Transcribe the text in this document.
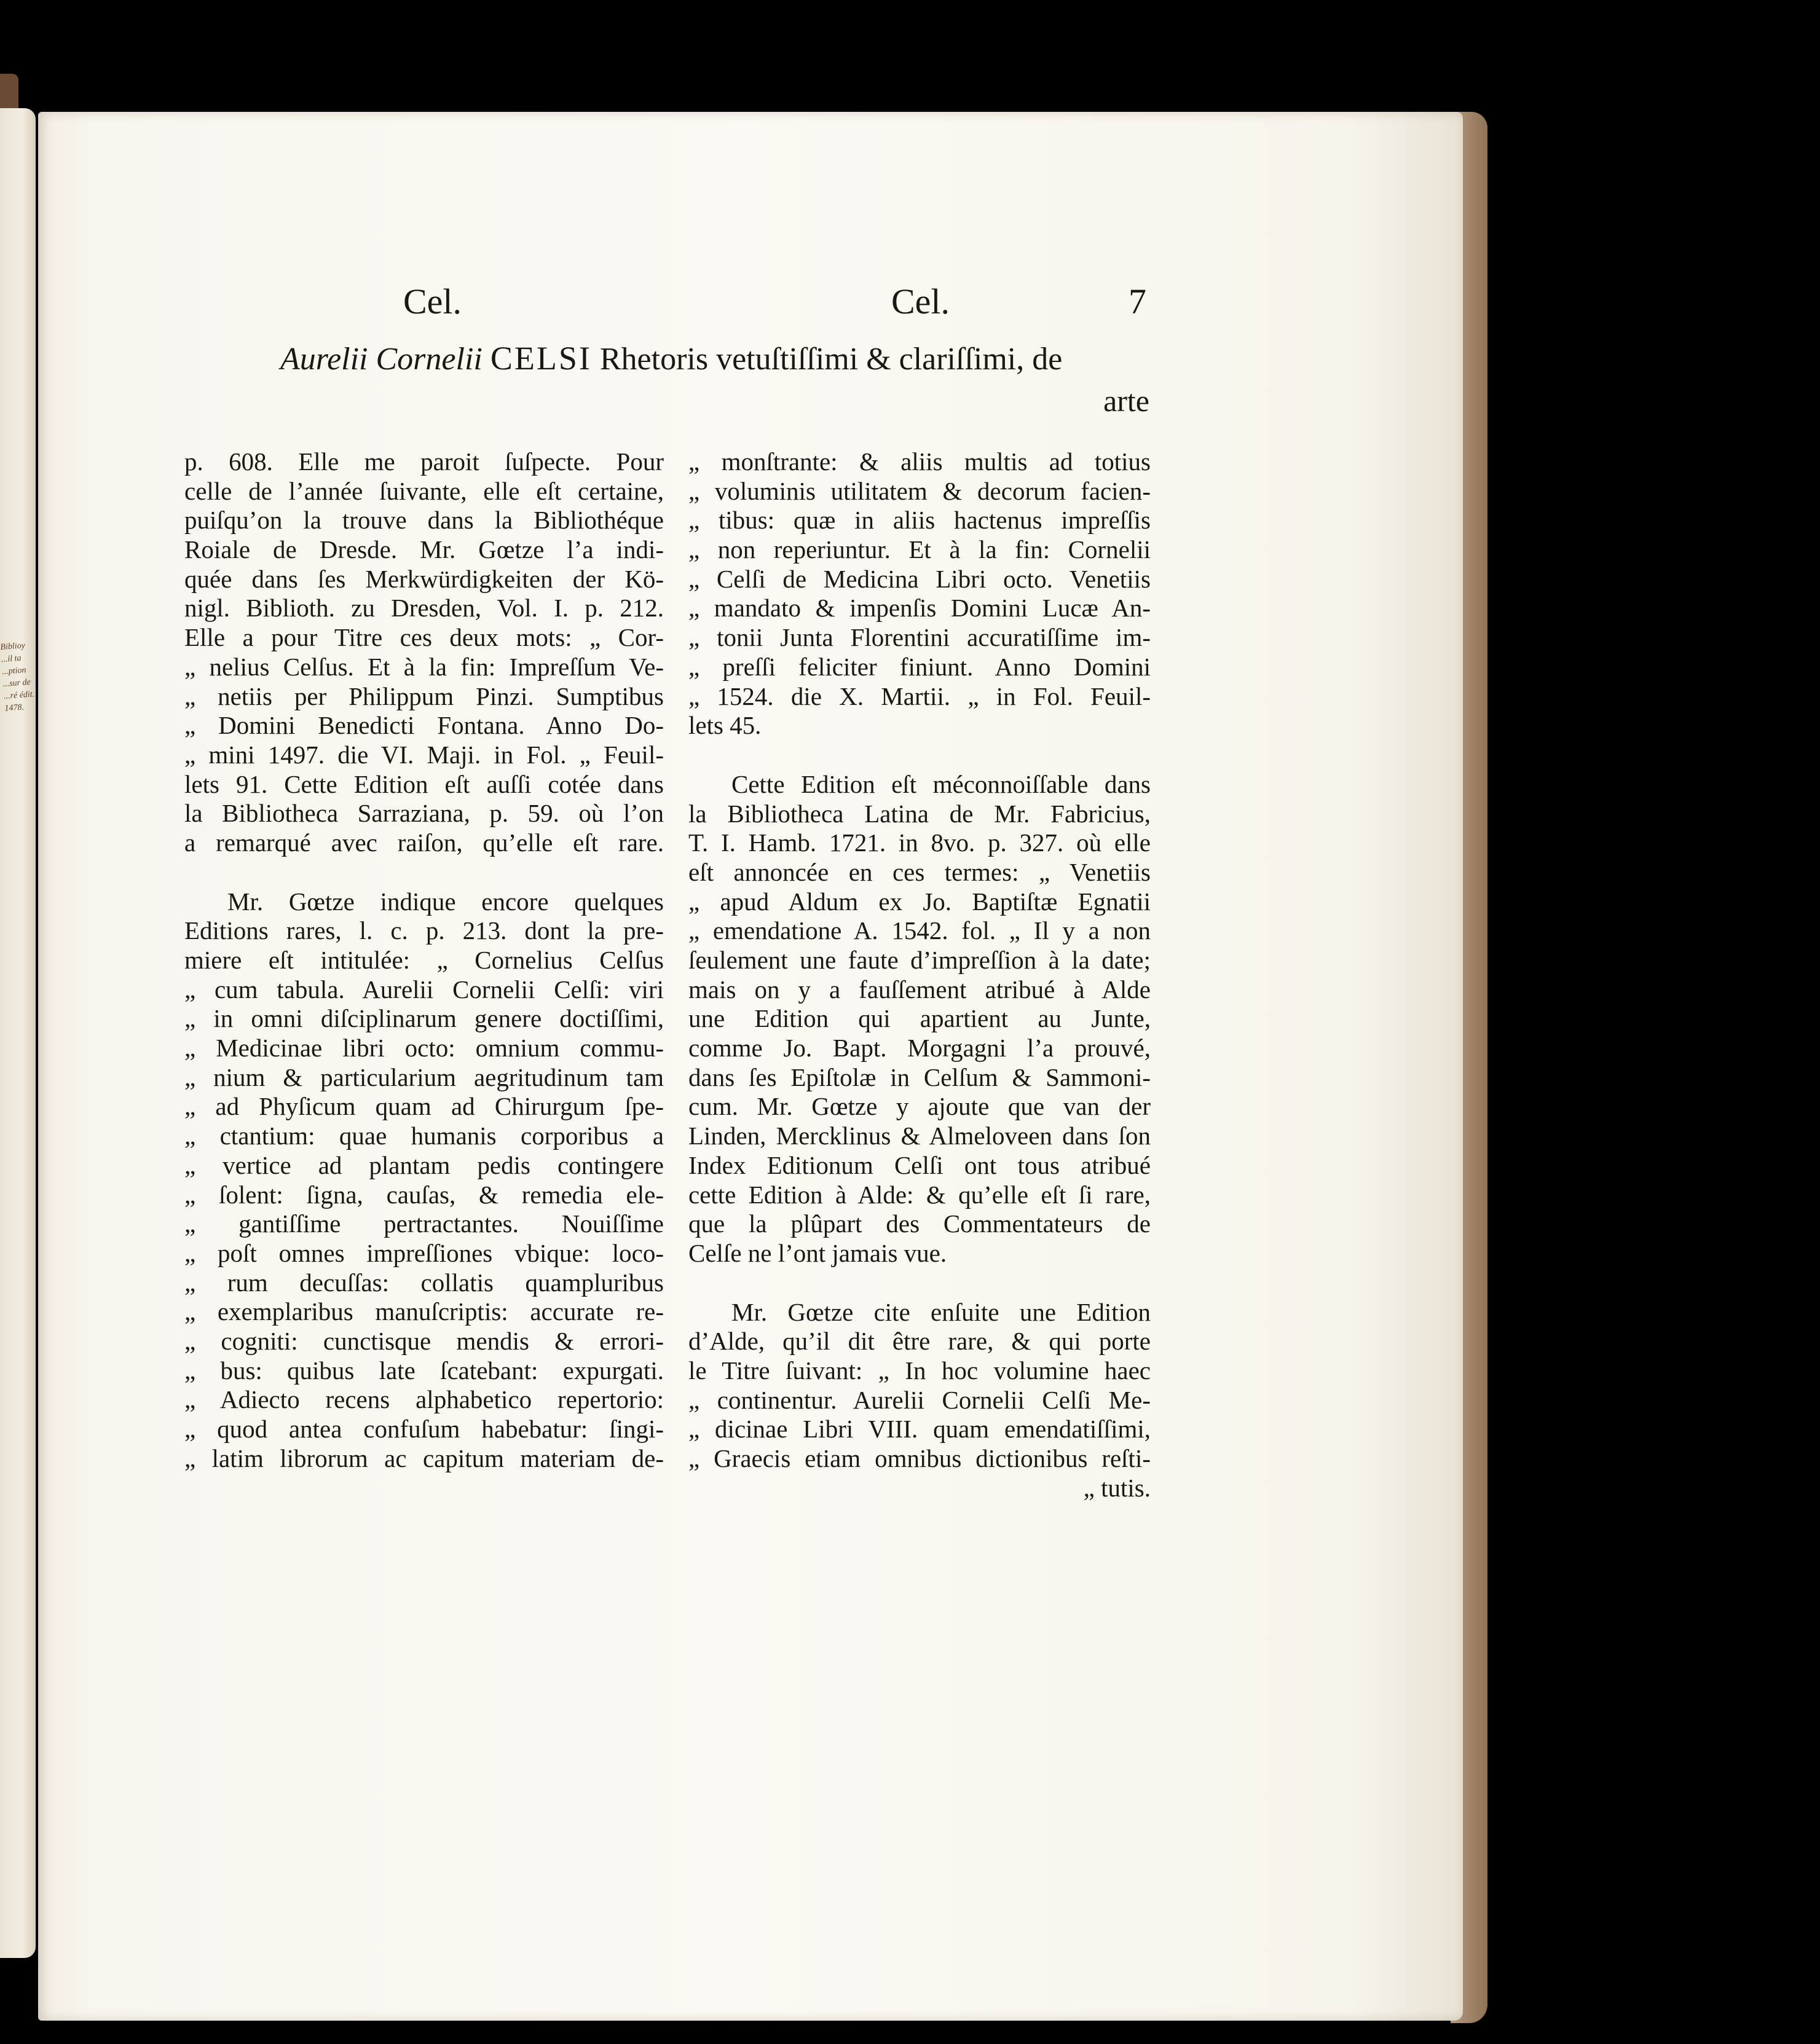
Biblioy
...il ta
...ption
...sur de
...ré édit.
1478.
Cel.	Cel.	7
Aurelii Cornelii CELSI Rhetoris vetuſtiſſimi & clariſſimi, de
arte
p. 608. Elle me paroit ſuſpecte. Pour
celle de l’année ſuivante, elle eſt certaine,
puiſqu’on la trouve dans la Bibliothéque
Roiale de Dresde. Mr. Gœtze l’a indi-
quée dans ſes Merkwürdigkeiten der Kö-
nigl. Biblioth. zu Dresden, Vol. I. p. 212.
Elle a pour Titre ces deux mots: „ Cor-
„ nelius Celſus. Et à la fin: Impreſſum Ve-
„ netiis per Philippum Pinzi. Sumptibus
„ Domini Benedicti Fontana. Anno Do-
„ mini 1497. die VI. Maji. in Fol. „ Feuil-
lets 91. Cette Edition eſt auſſi cotée dans
la Bibliotheca Sarraziana, p. 59. où l’on
a remarqué avec raiſon, qu’elle eſt rare.
Mr. Gœtze indique encore quelques
Editions rares, l. c. p. 213. dont la pre-
miere eſt intitulée: „ Cornelius Celſus
„ cum tabula. Aurelii Cornelii Celſi: viri
„ in omni diſciplinarum genere doctiſſimi,
„ Medicinae libri octo: omnium commu-
„ nium & particularium aegritudinum tam
„ ad Phyſicum quam ad Chirurgum ſpe-
„ ctantium: quae humanis corporibus a
„ vertice ad plantam pedis contingere
„ ſolent: ſigna, cauſas, & remedia ele-
„ gantiſſime pertractantes. Nouiſſime
„ poſt omnes impreſſiones vbique: loco-
„ rum decuſſas: collatis quampluribus
„ exemplaribus manuſcriptis: accurate re-
„ cogniti: cunctisque mendis & errori-
„ bus: quibus late ſcatebant: expurgati.
„ Adiecto recens alphabetico repertorio:
„ quod antea confuſum habebatur: ſingi-
„ latim librorum ac capitum materiam de-
„ monſtrante: & aliis multis ad totius
„ voluminis utilitatem & decorum facien-
„ tibus: quæ in aliis hactenus impreſſis
„ non reperiuntur. Et à la fin: Cornelii
„ Celſi de Medicina Libri octo. Venetiis
„ mandato & impenſis Domini Lucæ An-
„ tonii Junta Florentini accuratiſſime im-
„ preſſi feliciter finiunt. Anno Domini
„ 1524. die X. Martii. „ in Fol. Feuil-
lets 45.
Cette Edition eſt méconnoiſſable dans
la Bibliotheca Latina de Mr. Fabricius,
T. I. Hamb. 1721. in 8vo. p. 327. où elle
eſt annoncée en ces termes: „ Venetiis
„ apud Aldum ex Jo. Baptiſtæ Egnatii
„ emendatione A. 1542. fol. „ Il y a non
ſeulement une faute d’impreſſion à la date;
mais on y a fauſſement atribué à Alde
une Edition qui apartient au Junte,
comme Jo. Bapt. Morgagni l’a prouvé,
dans ſes Epiſtolæ in Celſum & Sammoni-
cum. Mr. Gœtze y ajoute que van der
Linden, Mercklinus & Almeloveen dans ſon
Index Editionum Celſi ont tous atribué
cette Edition à Alde: & qu’elle eſt ſi rare,
que la plûpart des Commentateurs de
Celſe ne l’ont jamais vue.
Mr. Gœtze cite enſuite une Edition
d’Alde, qu’il dit être rare, & qui porte
le Titre ſuivant: „ In hoc volumine haec
„ continentur. Aurelii Cornelii Celſi Me-
„ dicinae Libri VIII. quam emendatiſſimi,
„ Graecis etiam omnibus dictionibus reſti-
„ tutis.
